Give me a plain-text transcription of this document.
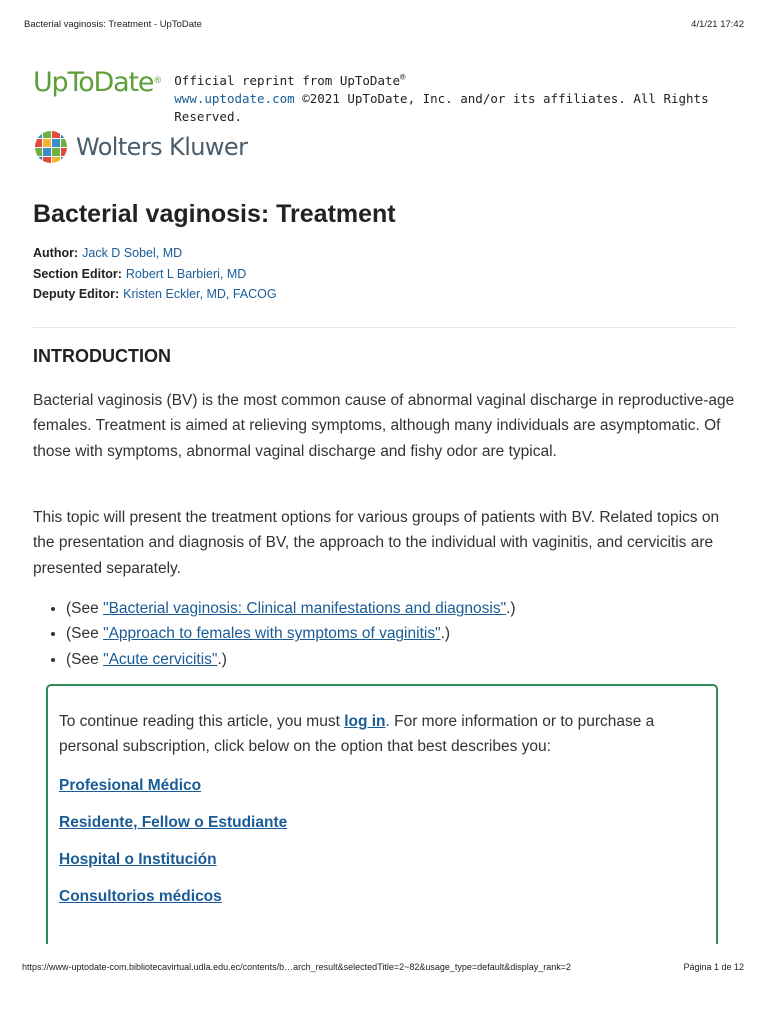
Bacterial vaginosis: Treatment - UpToDate	4/1/21 17:42
UpToDate® Official reprint from UpToDate®
www.uptodate.com ©2021 UpToDate, Inc. and/or its affiliates. All Rights Reserved.
Wolters Kluwer
Bacterial vaginosis: Treatment
Author: Jack D Sobel, MD
Section Editor: Robert L Barbieri, MD
Deputy Editor: Kristen Eckler, MD, FACOG
INTRODUCTION

Bacterial vaginosis (BV) is the most common cause of abnormal vaginal discharge in reproductive-age females. Treatment is aimed at relieving symptoms, although many individuals are asymptomatic. Of those with symptoms, abnormal vaginal discharge and fishy odor are typical.

This topic will present the treatment options for various groups of patients with BV. Related topics on the presentation and diagnosis of BV, the approach to the individual with vaginitis, and cervicitis are presented separately.

• (See "Bacterial vaginosis: Clinical manifestations and diagnosis".)
• (See "Approach to females with symptoms of vaginitis".)
• (See "Acute cervicitis".)

To continue reading this article, you must log in. For more information or to purchase a personal subscription, click below on the option that best describes you:

Profesional Médico
Residente, Fellow o Estudiante
Hospital o Institución
Consultorios médicos
https://www-uptodate-com.bibliotecavirtual.udla.edu.ec/contents/b…arch_result&selectedTitle=2~82&usage_type=default&display_rank=2	Página 1 de 12
